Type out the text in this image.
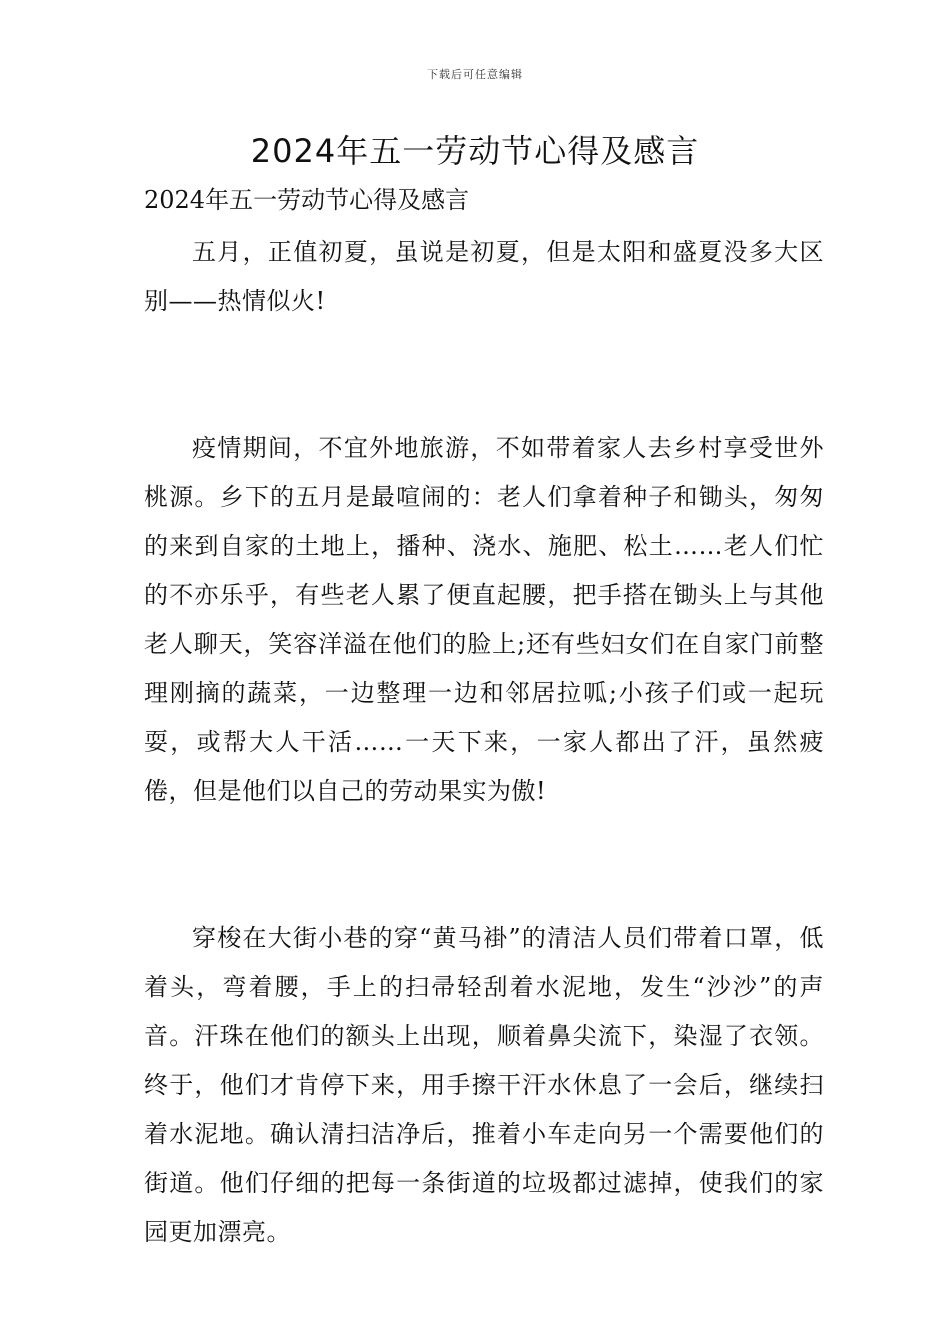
下载后可任意编辑
2024年五一劳动节心得及感言

2024年五一劳动节心得及感言

五月，正值初夏，虽说是初夏，但是太阳和盛夏没多大区别——热情似火!

疫情期间，不宜外地旅游，不如带着家人去乡村享受世外桃源。乡下的五月是最喧闹的：老人们拿着种子和锄头，匆匆的来到自家的土地上，播种、浇水、施肥、松土……老人们忙的不亦乐乎，有些老人累了便直起腰，把手搭在锄头上与其他老人聊天，笑容洋溢在他们的脸上;还有些妇女们在自家门前整理刚摘的蔬菜，一边整理一边和邻居拉呱;小孩子们或一起玩耍，或帮大人干活……一天下来，一家人都出了汗，虽然疲倦，但是他们以自己的劳动果实为傲!

穿梭在大街小巷的穿“黄马褂”的清洁人员们带着口罩，低着头，弯着腰，手上的扫帚轻刮着水泥地，发生“沙沙”的声音。汗珠在他们的额头上出现，顺着鼻尖流下，染湿了衣领。终于，他们才肯停下来，用手擦干汗水休息了一会后，继续扫着水泥地。确认清扫洁净后，推着小车走向另一个需要他们的街道。他们仔细的把每一条街道的垃圾都过滤掉，使我们的家园更加漂亮。
